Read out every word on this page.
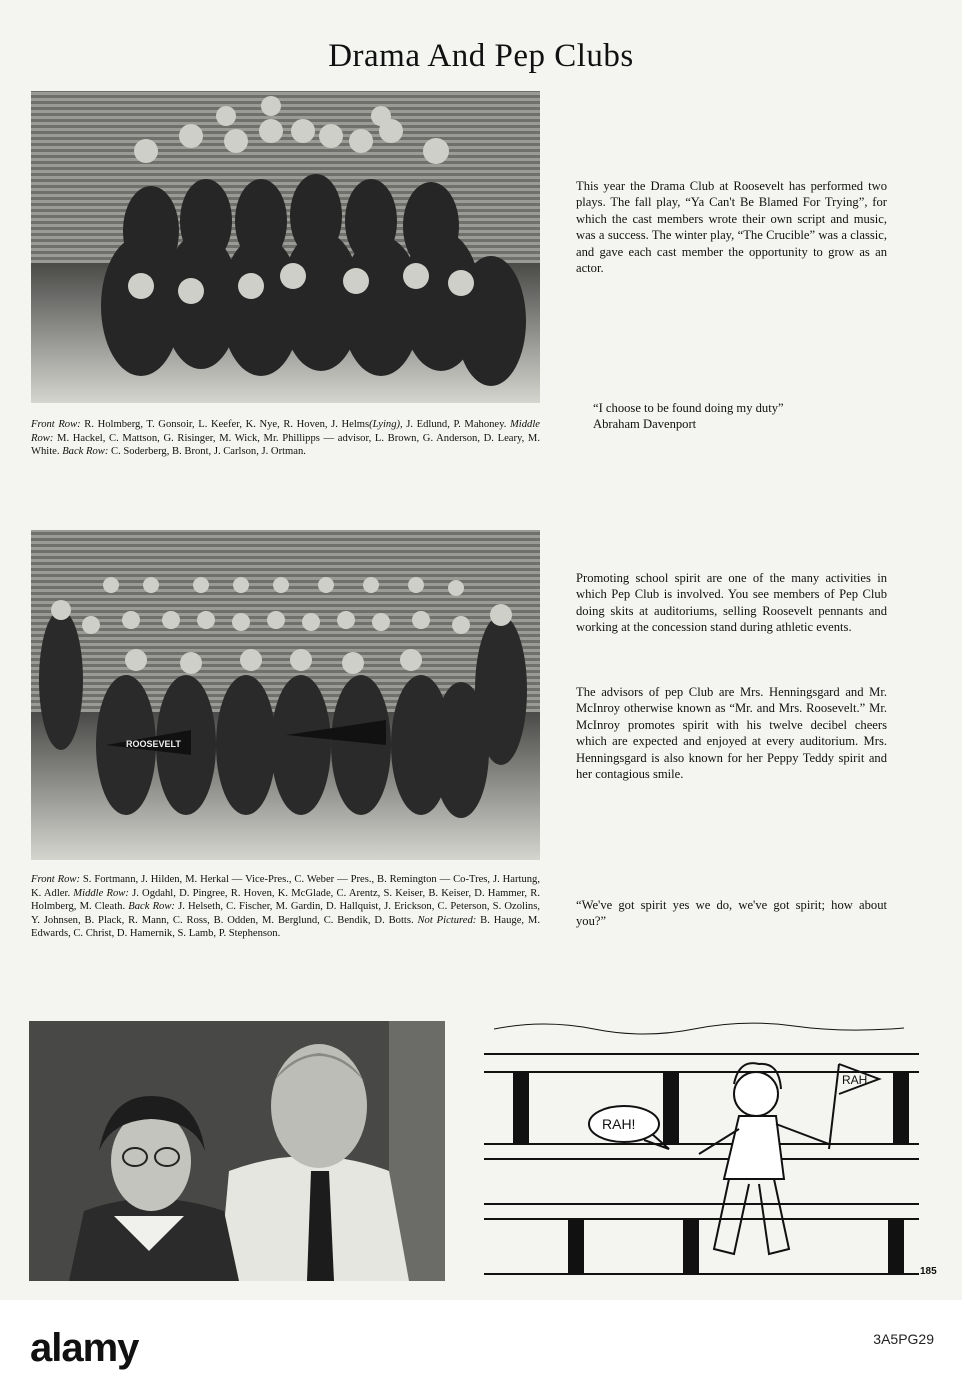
Drama And Pep Clubs
Front Row: R. Holmberg, T. Gonsoir, L. Keefer, K. Nye, R. Hoven, J. Helms(Lying), J. Edlund, P. Mahoney. Middle Row: M. Hackel, C. Mattson, G. Risinger, M. Wick, Mr. Phillipps — advisor, L. Brown, G. Anderson, D. Leary, M. White. Back Row: C. Soderberg, B. Bront, J. Carlson, J. Ortman.
This year the Drama Club at Roosevelt has performed two plays. The fall play, “Ya Can't Be Blamed For Trying”, for which the cast members wrote their own script and music, was a success. The winter play, “The Crucible” was a classic, and gave each cast member the opportunity to grow as an actor.
“I choose to be found doing my duty”
Abraham Davenport
ROOSEVELT
Front Row: S. Fortmann, J. Hilden, M. Herkal — Vice-Pres., C. Weber — Pres., B. Remington — Co-Tres, J. Hartung, K. Adler. Middle Row: J. Ogdahl, D. Pingree, R. Hoven, K. McGlade, C. Arentz, S. Keiser, B. Keiser, D. Hammer, R. Holmberg, M. Cleath. Back Row: J. Helseth, C. Fischer, M. Gardin, D. Hallquist, J. Erickson, C. Peterson, S. Ozolins, Y. Johnsen, B. Plack, R. Mann, C. Ross, B. Odden, M. Berglund, C. Bendik, D. Botts. Not Pictured: B. Hauge, M. Edwards, C. Christ, D. Hamernik, S. Lamb, P. Stephenson.
Promoting school spirit are one of the many activities in which Pep Club is involved. You see members of Pep Club doing skits at auditoriums, selling Roosevelt pennants and working at the concession stand during athletic events.
The advisors of pep Club are Mrs. Henningsgard and Mr. McInroy otherwise known as “Mr. and Mrs. Roosevelt.” Mr. McInroy promotes spirit with his twelve decibel cheers which are expected and enjoyed at every auditorium. Mrs. Henningsgard is also known for her Peppy Teddy spirit and her contagious smile.
“We've got spirit yes we do, we've got spirit; how about you?”
RAH!
RAH
185
alamy	3A5PG29
